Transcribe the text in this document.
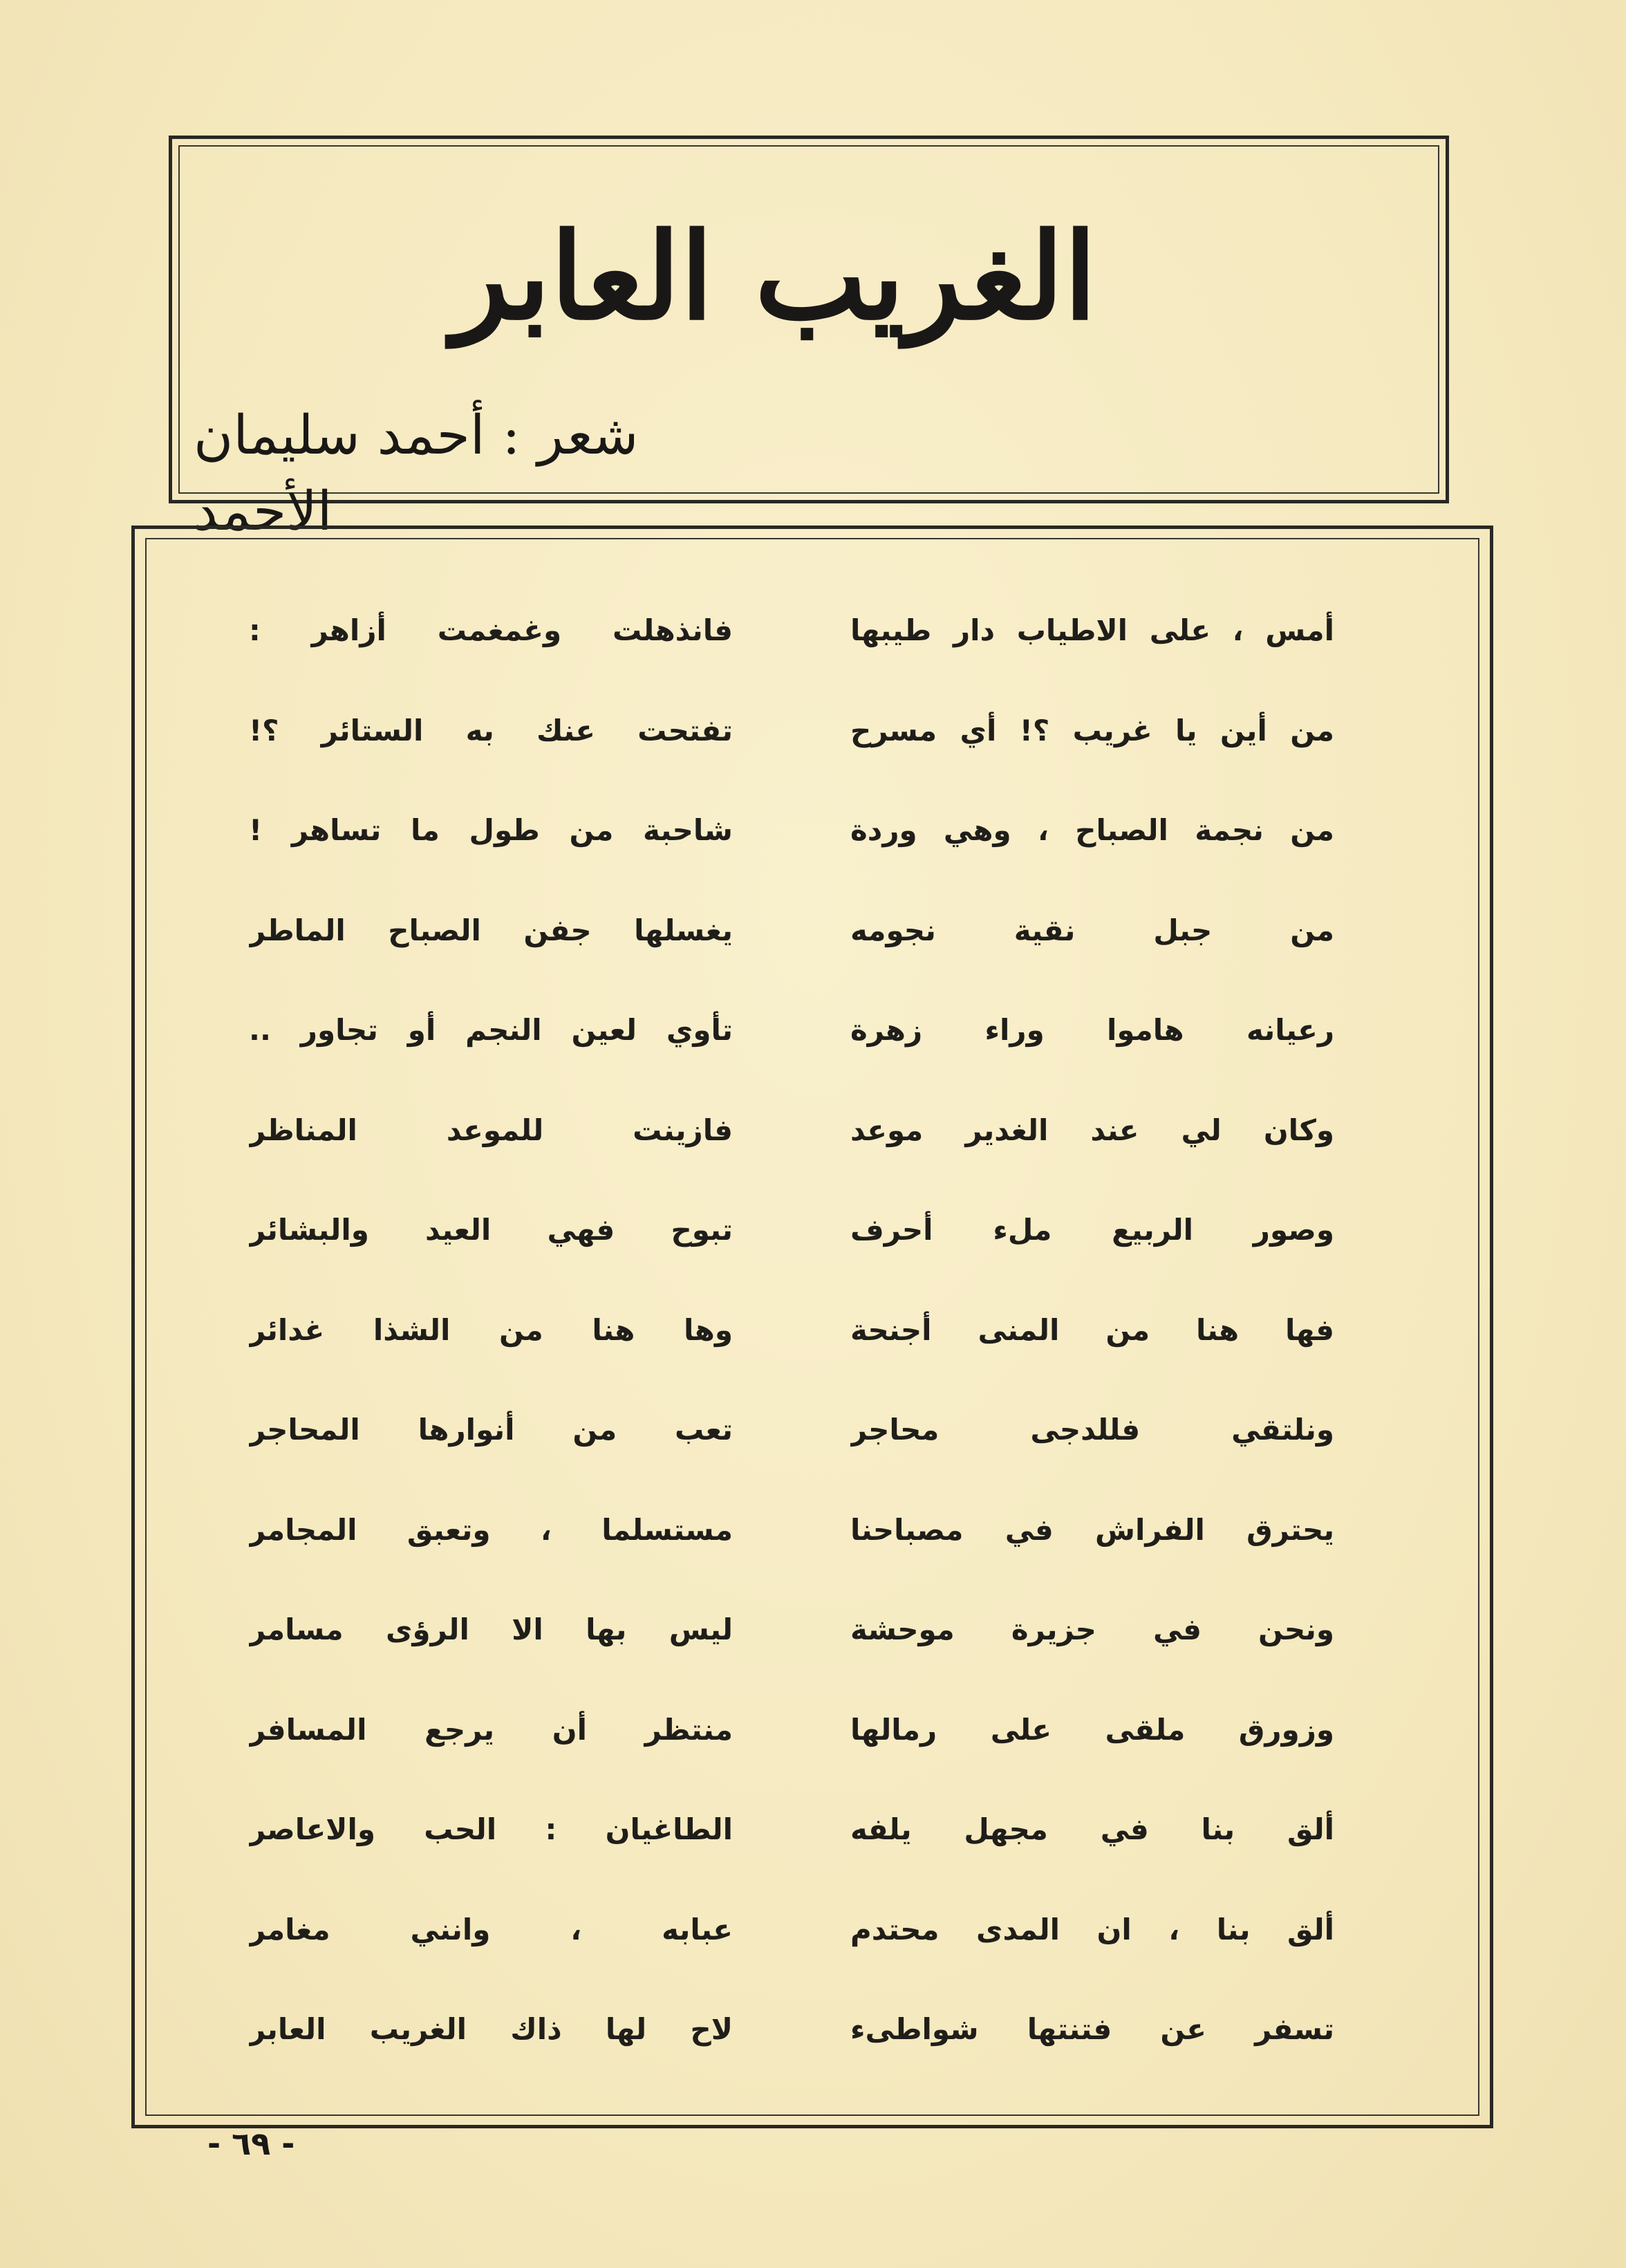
الغريب العابر
شعر : أحمد سليمان الأحمد
أمس ، على الاطياب دار طيبها
من أين يا غريب ؟! أي مسرح
من نجمة الصباح ، وهي وردة
من جبل نقية نجومه
رعيانه هاموا وراء زهرة
وكان لي عند الغدير موعد
وصور الربيع ملء أحرف
فها هنا من المنى أجنحة
ونلتقي فللدجى محاجر
يحترق الفراش في مصباحنا
ونحن في جزيرة موحشة
وزورق ملقى على رمالها
ألق بنا في مجهل يلفه
ألق بنا ، ان المدى محتدم
تسفر عن فتنتها شواطىء
فانذهلت وغمغمت أزاهر :
تفتحت عنك به الستائر ؟!
شاحبة من طول ما تساهر !
يغسلها جفن الصباح الماطر
تأوي لعين النجم أو تجاور ..
فازينت للموعد المناظر
تبوح فهي العيد والبشائر
وها هنا من الشذا غدائر
تعب من أنوارها المحاجر
مستسلما ، وتعبق المجامر
ليس بها الا الرؤى مسامر
منتظر أن يرجع المسافر
الطاغيان : الحب والاعاصر
عبابه ، وانني مغامر
لاح لها ذاك الغريب العابر
- ٦٩ -
